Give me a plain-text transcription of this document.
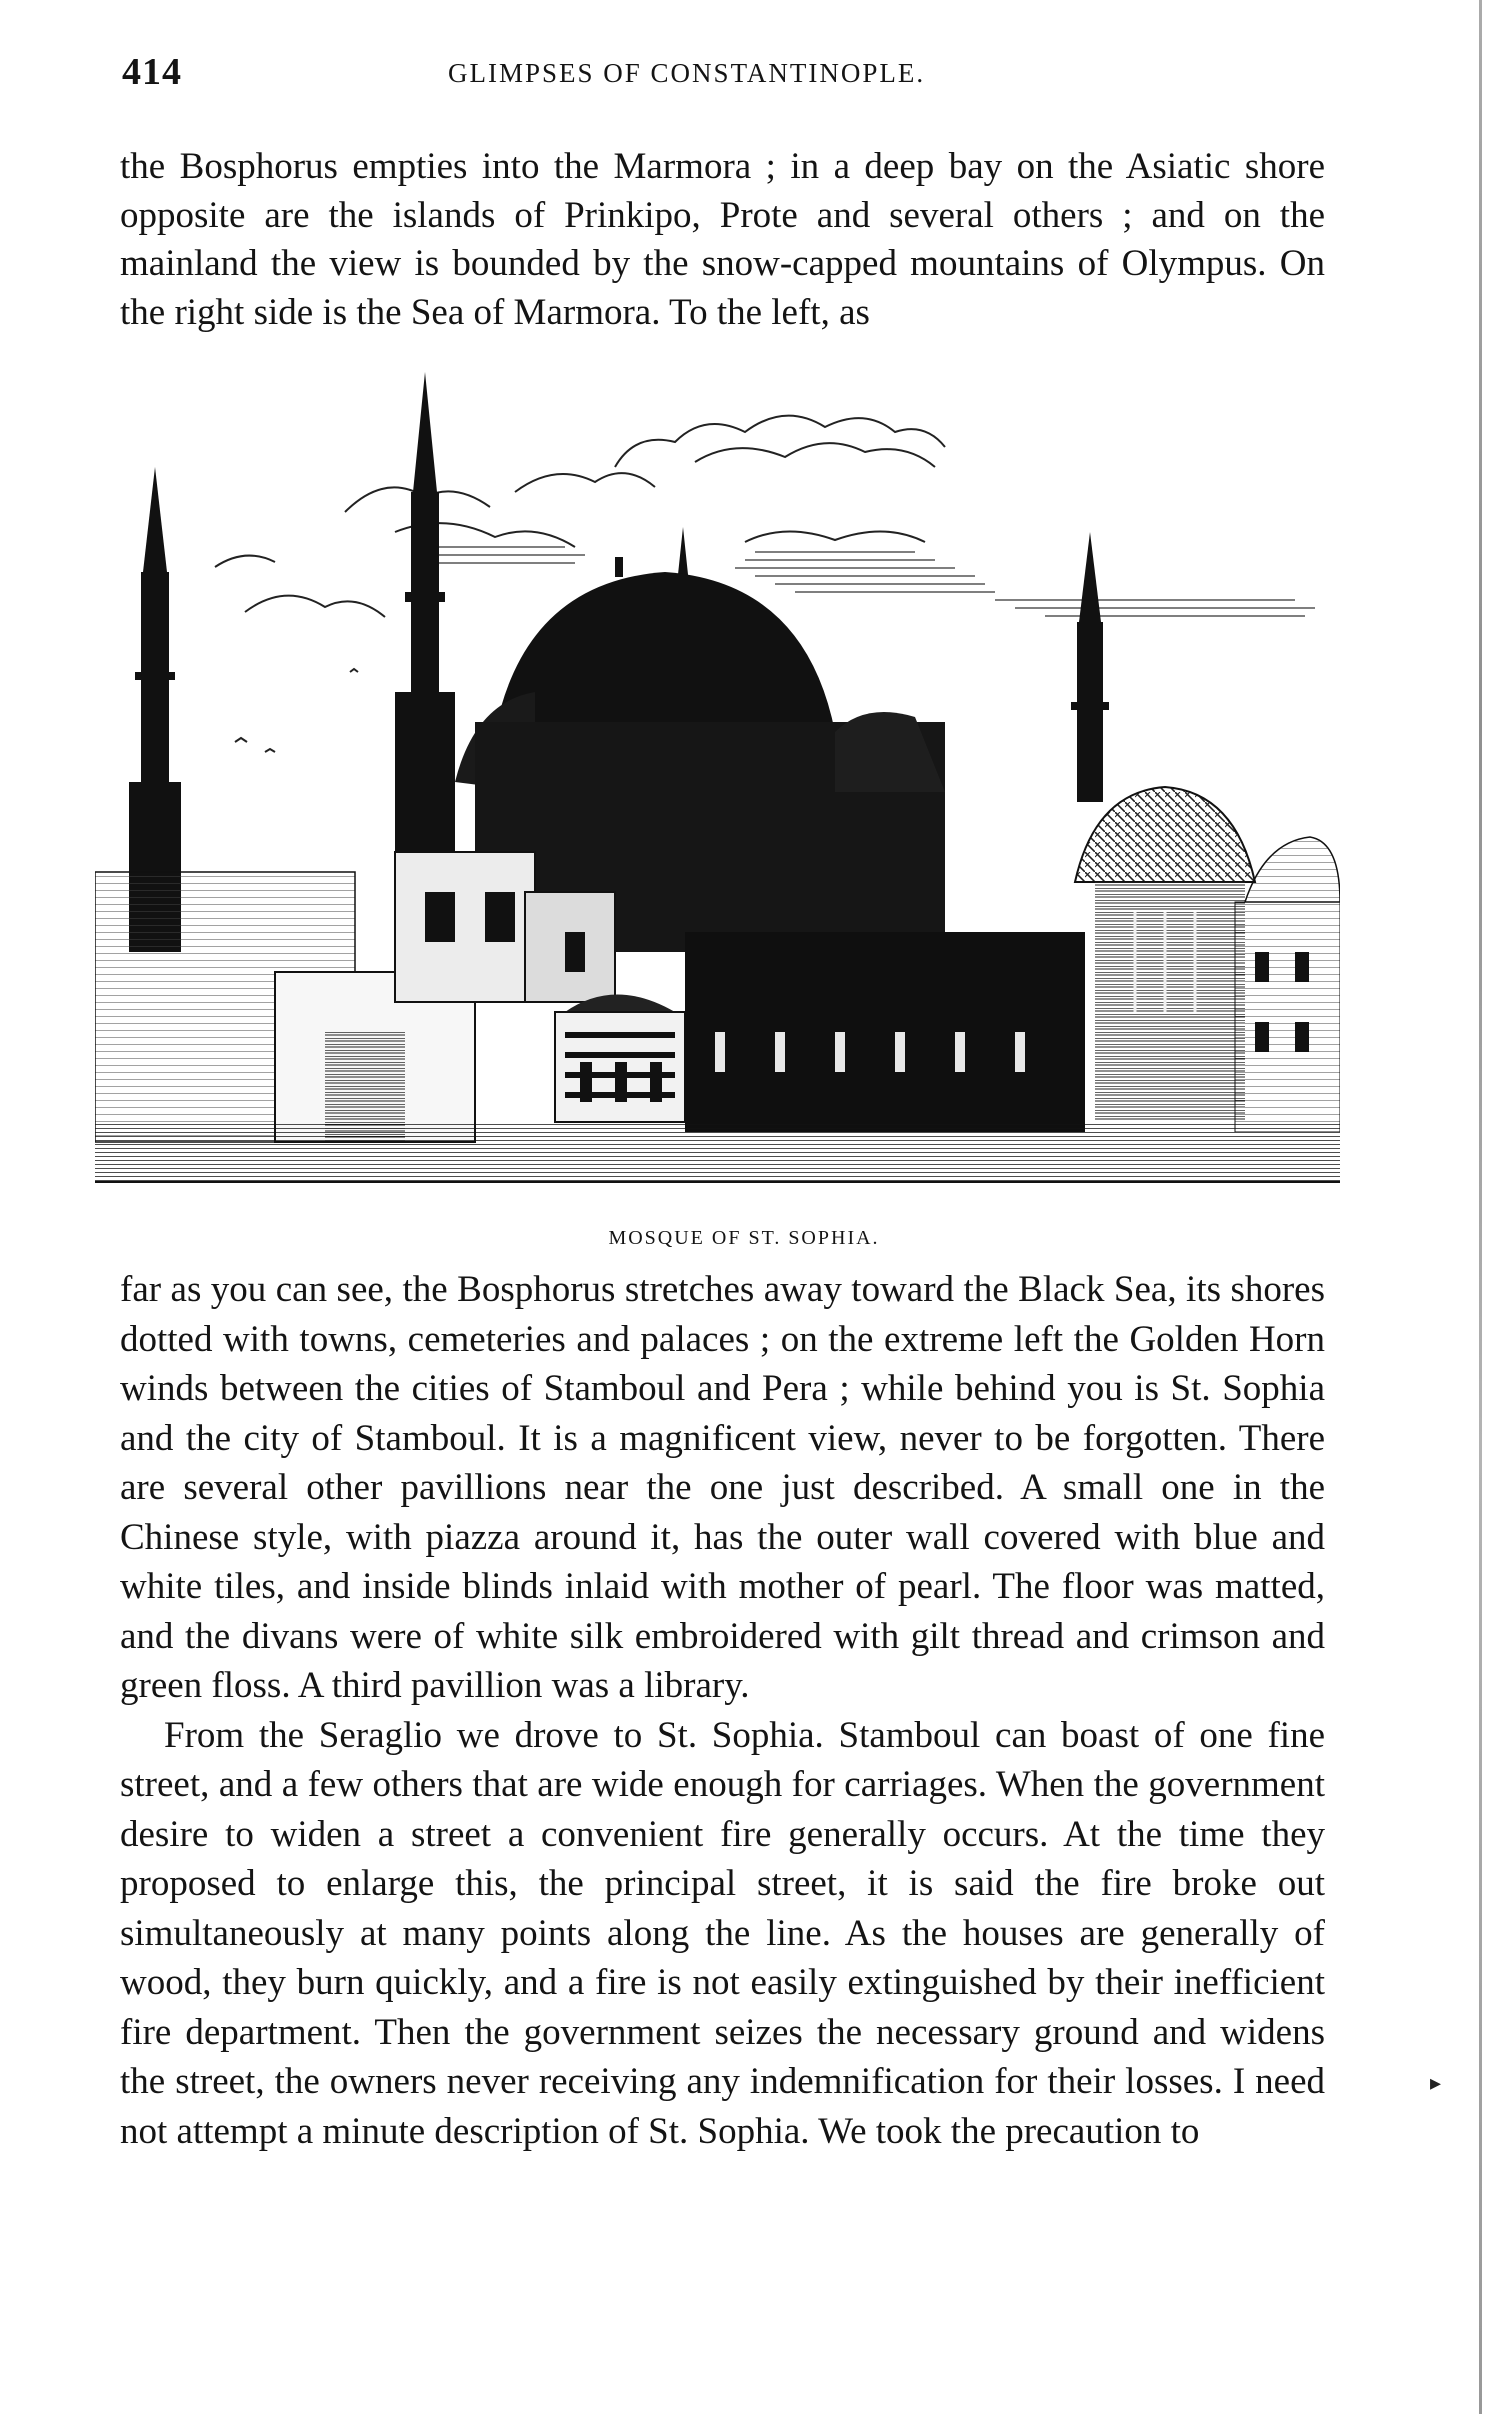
414	GLIMPSES OF CONSTANTINOPLE.

the Bosphorus empties into the Marmora ; in a deep bay on the Asiatic shore opposite are the islands of Prinkipo, Prote and several others ; and on the mainland the view is bounded by the snow-capped mountains of Olympus. On the right side is the Sea of Marmora. To the left, as

MOSQUE OF ST. SOPHIA.

far as you can see, the Bosphorus stretches away toward the Black Sea, its shores dotted with towns, cemeteries and palaces ; on the extreme left the Golden Horn winds between the cities of Stamboul and Pera ; while behind you is St. Sophia and the city of Stamboul. It is a magnificent view, never to be forgotten. There are several other pavillions near the one just described. A small one in the Chinese style, with piazza around it, has the outer wall covered with blue and white tiles, and inside blinds inlaid with mother of pearl. The floor was matted, and the divans were of white silk embroidered with gilt thread and crimson and green floss. A third pavillion was a library.

From the Seraglio we drove to St. Sophia. Stamboul can boast of one fine street, and a few others that are wide enough for carriages. When the government desire to widen a street a convenient fire generally occurs. At the time they proposed to enlarge this, the principal street, it is said the fire broke out simultaneously at many points along the line. As the houses are generally of wood, they burn quickly, and a fire is not easily extinguished by their inefficient fire department. Then the government seizes the necessary ground and widens the street, the owners never receiving any indemnification for their losses. I need not attempt a minute description of St. Sophia. We took the precaution to

▸
